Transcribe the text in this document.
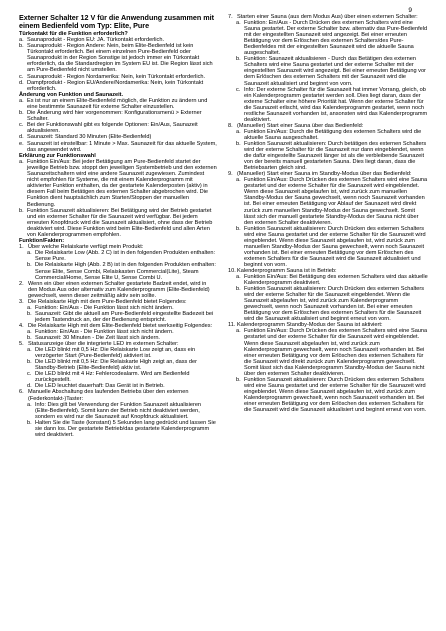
9
Externer Schalter 12 V für die Anwendung zusammen mit einem Bedienfeld vom Typ: Elite, Pure
Türkontakt für die Funktion erforderlich?
a. Saunaprodukt - Region EU: JA. Türkontakt erforderlich.
b. Saunaprodukt - Region Andere: Nein, beim Elite-Bedienfeld ist kein Türkontakt erforderlich. Bei einem einzelnen Pure-Bedienfeld oder Saunaprodukt in der Region Sonstige ist jedoch immer ein Türkontakt erforderlich, da die Standardregion im System EU ist. Die Region lässt sich am Pure-Bedienfeld nicht umstellen.
c. Saunaprodukt - Region Nordamerika: Nein, kein Türkontakt erforderlich.
d. Dampfprodukt - Region EU/Andere/Nordamerika: Nein, kein Türkontakt erforderlich.
Änderung von Funktion und Saunazeit.
a. Es ist nur an einem Elite-Bedienfeld möglich, die Funktion zu ändern und eine bestimmte Saunazeit für externe Schalter einzustellen.
b. Die Änderung wird hier vorgenommen: Konfigurationsmenü > Externer Schalter.
c. Bei der Funktionswahl gibt es folgende Optionen: Ein/Aus, Saunazeit aktualisieren.
d. Saunazeit: Standard 30 Minuten (Elite-Bedienfeld)
e. Saunazeit ist einstellbar: 1 Minute > Max. Saunazeit für das aktuelle System, das angewendet wird.
Erklärung zur Funktionswahl
a. Funktion Ein/Aus: Bei jeder Betätigung am Pure-Bedienfeld startet der jeweilige Betrieb bzw. stoppt den jeweiligen Systembetrieb und den externen Saunazeitschaltern wird eine andere Saunazeit zugewiesen. Zumindest nicht empfohlen für Systeme, die mit einem Kalenderprogramm mit aktivierter Funktion enthalten, da der gestartete Kalenderposten (aktiv) in diesem Fall beim Betätigen des externen Schalter abgebrochen wird. Die Funktion dient hauptsächlich zum Starten/Stoppen der manuellen Bedienung.
b. Funktion Saunazeit aktualisieren: Bei Betätigung wird der Betrieb gestartet und ein externer Schalter für die Saunazeit wird verfügbar. Bei jedem erneuten Knopfdruck wird die Saunazeit aktualisiert, ohne dass der Betrieb deaktiviert wird. Diese Funktion wird beim Elite-Bedienfeld und allen Arten von Kalenderprogrammen empfohlen.
Funktion/Fakten:
1. Über welche Relaiskarte verfügt mein Produkt:
a. Die Relaiskarte Low (Abb. 2 C) ist in den folgenden Produkten enthalten: Sense Pure.
b. Die Relaiskarte High (Abb. 2 B) ist in den folgenden Produkten enthalten: Sense Elite, Sense Combi, Relaiskasten Commercial(Lite), Steam Commercial/Home, Sense Elite U, Sense Combi U.
2. Wenn ein über einen externen Schalter gestartete Badzeit endet, wird in den Modus Aus oder alternativ zum Kalenderprogramm (Elite-Bedienfeld) gewechselt, wenn dieser zeitmäßig aktiv sein sollte.
3. Die Relaiskarte High mit dem Pure-Bedienfeld bietet Folgendes:
a. Funktion: Ein/Aus - Die Funktion lässt sich nicht ändern.
b. Saunazeit: Gibt die aktuell am Pure-Bedienfeld eingestellte Badezeit bei jedem Tastendruck an, der der Bedienung entspricht.
4. Die Relaiskarte High mit dem Elite-Bedienfeld bietet werkseitig Folgendes:
a. Funktion: Ein/Aus - Die Funktion lässt sich nicht ändern.
b. Saunazeit: 30 Minuten - Die Zeit lässt sich ändern.
5. Statusanzeige über die integrierte LED im externen Schalter:
a. Die LED blinkt mit 0,5 Hz: Die Relaiskarte Low zeigt an, dass ein verzögerter Start (Pure-Bedienfeld) aktiviert ist.
b. Die LED blinkt mit 0,5 Hz: Die Relaiskarte High zeigt an, dass der Standby-Betrieb (Elite-Bedienfeld) aktiv ist.
c. Die LED blinkt mit 4 Hz: Fehlercodealarm. Wird am Bedienfeld zurückgestellt.
d. Die LED leuchtet dauerhaft: Das Gerät ist in Betrieb.
6. Manuelle Abschaltung des laufenden Betriebs über den externen (Federkontakt-)Taster:
a. Info: Dies gilt bei Verwendung der Funktion Saunazeit aktualisieren (Elite-Bedienfeld). Somit kann der Betrieb nicht deaktiviert werden, sondern es wird nur die Saunazeit auf Knopfdruck aktualisiert.
b. Halten Sie die Taste (konstant) 5 Sekunden lang gedrückt und lassen Sie sie dann los. Der gestartete Betrieb/das gestartete Kalenderprogramm wird deaktiviert.
7. Starten einer Sauna (aus dem Modus Aus) über einen externen Schalter:
a. Funktion: Ein/Aus - Durch Drücken des externen Schalters wird eine Sauna gestartet. Der externe Schalter bzw. alternativ das Pure-Bedienfeld mit der eingestellten Saunazeit wird angezeigt. Bei einer erneuten Betätigung vor dem Erlöschen des externen Schalters/des Pure-Bedienfeldes mit der eingestellten Saunazeit wird die aktuelle Sauna ausgeschaltet.
b. Funktion: Saunazeit aktualisieren - Durch das Betätigen des externen Schalters wird eine Sauna gestartet und der externe Schalter mit der eingestellten Saunazeit wird angezeigt. Bei einer erneuten Betätigung vor dem Erlöschen des externen Schalters mit der Saunazeit wird die Saunazeit aktualisiert und beginnt von vorn.
c. Info: Der externe Schalter für die Saunazeit hat immer Vorrang, gleich, ob ein Kalenderprogramm gestartet werden soll. Dies liegt daran, dass der externe Schalter eine höhere Priorität hat. Wenn der externe Schalter für die Saunazeit erlischt, wird das Kalenderprogramm gestartet, wenn noch restliche Saunazeit vorhanden ist, ansonsten wird das Kalenderprogramm deaktiviert.
8. (Manueller) Start einer Sauna über das Bedienfeld:
a. Funktion Ein/Aus: Durch die Betätigung des externen Schalters wird die aktuelle Sauna ausgeschaltet.
b. Funktion Saunazeit aktualisieren: Durch betätigen des externen Schalters wird der externe Schalter für die Saunazeit nur dann eingeblendet, wenn die dafür eingestellte Saunazeit länger ist als die verbleibende Saunazeit von der bereits manuell gestarteten Sauna. Dies liegt daran, dass die Betriebsarten gleich sind.
9. (Manueller) Start einer Sauna im Standby-Modus über das Bedienfeld:
a. Funktion Ein/Aus: Durch Drücken des externen Schalters wird eine Sauna gestartet und der externe Schalter für die Saunazeit wird eingeblendet. Wenn diese Saunazeit abgelaufen ist, wird zurück zum manuellen Standby-Modus der Sauna gewechselt, wenn noch Saunazeit vorhanden ist. Bei einer erneuten Betätigung vor Ablauf der Saunazeit wird direkt zurück zum manuellen Standby-Modus der Sauna gewechselt. Somit lässt sich der manuell gestartete Standby-Modus der Sauna nicht über den externen Schalter deaktivieren.
b. Funktion Saunazeit aktualisieren: Durch Drücken des externen Schalters wird eine Sauna gestartet und der externe Schalter für die Saunazeit wird eingeblendet. Wenn diese Saunazeit abgelaufen ist, wird zurück zum manuellen Standby-Modus der Sauna gewechselt, wenn noch Saunazeit vorhanden ist. Bei einer erneuten Betätigung vor dem Erlöschen des externen Schalters für die Saunazeit wird die Saunazeit aktualisiert und beginnt von vorn.
10. Kalenderprogramm Sauna ist in Betrieb:
a. Funktion Ein/Aus: Bei Betätigung des externen Schalters wird das aktuelle Kalenderprogramm deaktiviert.
b. Funktion Saunazeit aktualisieren: Durch Drücken des externen Schalters wird der externe Schalter für die Saunazeit eingeblendet. Wenn die Saunazeit abgelaufen ist, wird zurück zum Kalenderprogramm gewechselt, wenn noch Saunazeit vorhanden ist. Bei einer erneuten Betätigung vor dem Erlöschen des externen Schalters für die Saunazeit wird die Saunazeit aktualisiert und beginnt erneut von vorn.
11. Kalenderprogramm Standby-Modus der Sauna ist aktiviert:
a. Funktion Ein/Aus: Durch Drücken des externen Schalters wird eine Sauna gestartet und der externe Schalter für die Saunazeit wird eingeblendet. Wenn diese Saunazeit abgelaufen ist, wird zurück zum Kalenderprogramm gewechselt, wenn noch Saunazeit vorhanden ist. Bei einer erneuten Betätigung vor dem Erlöschen des externen Schalters für die Saunazeit wird direkt zurück zum Kalenderprogramm gewechselt. Somit lässt sich das Kalenderprogramm Standby-Modus der Sauna nicht über den externen Schalter deaktivieren.
b. Funktion Saunazeit aktualisieren: Durch Drücken des externen Schalters wird eine Sauna gestartet und der externe Schalter für die Saunazeit wird eingeblendet. Wenn diese Saunazeit abgelaufen ist, wird zurück zum Kalenderprogramm gewechselt, wenn noch Saunazeit vorhanden ist. Bei einer erneuten Betätigung vor dem Erlöschen des externen Schalters für die Saunazeit wird die Saunazeit aktualisiert und beginnt erneut von vorn.
